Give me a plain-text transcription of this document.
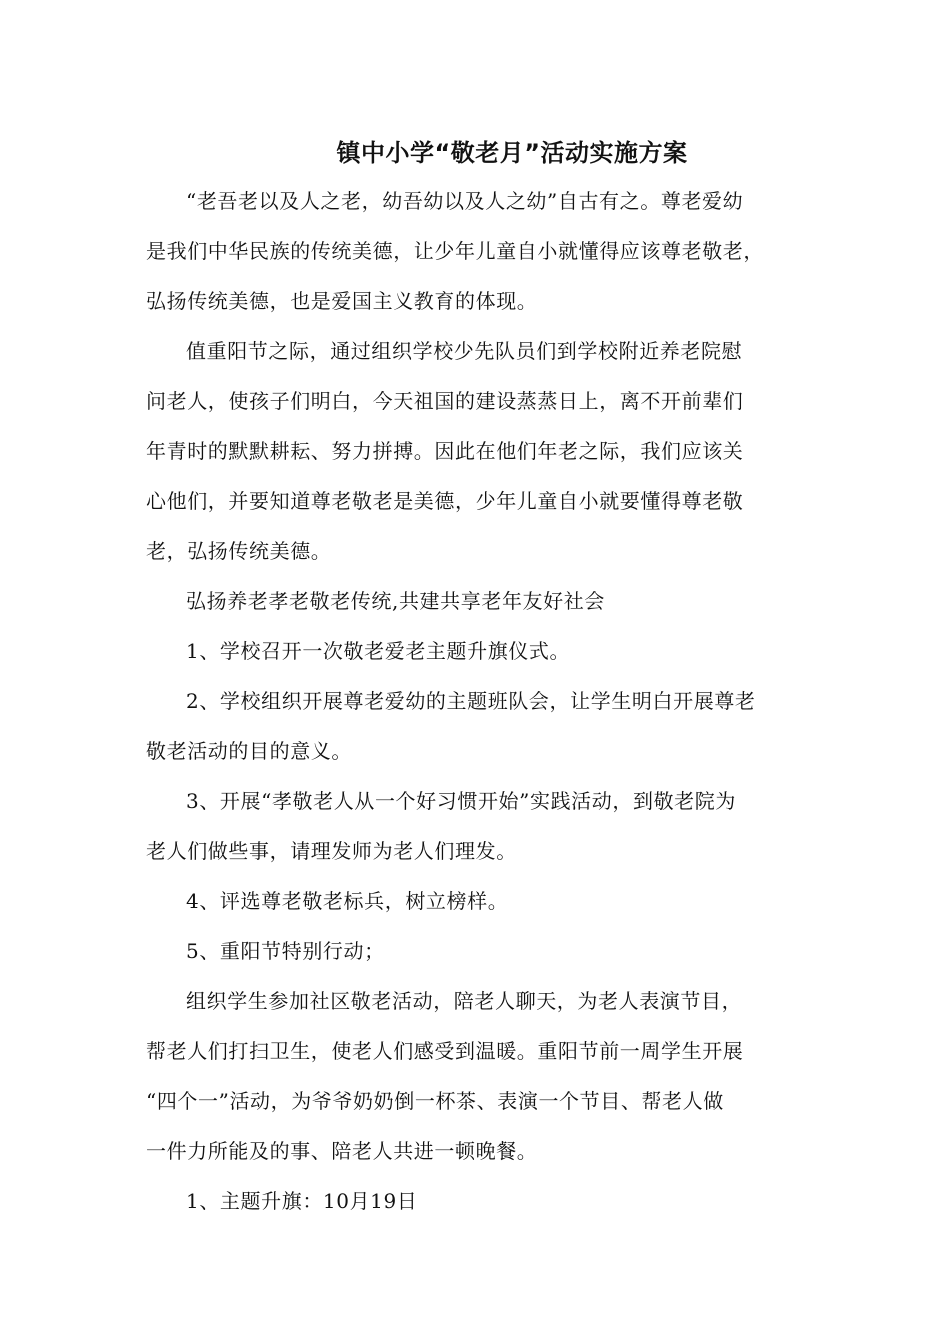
镇中小学“敬老月”活动实施方案
“老吾老以及人之老，幼吾幼以及人之幼”自古有之。尊老爱幼
是我们中华民族的传统美德，让少年儿童自小就懂得应该尊老敬老，
弘扬传统美德，也是爱国主义教育的体现。
值重阳节之际，通过组织学校少先队员们到学校附近养老院慰
问老人，使孩子们明白，今天祖国的建设蒸蒸日上，离不开前辈们
年青时的默默耕耘、努力拼搏。因此在他们年老之际，我们应该关
心他们，并要知道尊老敬老是美德，少年儿童自小就要懂得尊老敬
老，弘扬传统美德。
弘扬养老孝老敬老传统,共建共享老年友好社会
1、学校召开一次敬老爱老主题升旗仪式。
2、学校组织开展尊老爱幼的主题班队会，让学生明白开展尊老
敬老活动的目的意义。
3、开展“孝敬老人从一个好习惯开始”实践活动，到敬老院为
老人们做些事，请理发师为老人们理发。
4、评选尊老敬老标兵，树立榜样。
5、重阳节特别行动；
组织学生参加社区敬老活动，陪老人聊天，为老人表演节目，
帮老人们打扫卫生，使老人们感受到温暖。重阳节前一周学生开展
“四个一”活动，为爷爷奶奶倒一杯茶、表演一个节目、帮老人做
一件力所能及的事、陪老人共进一顿晚餐。
1、主题升旗：10月19日
